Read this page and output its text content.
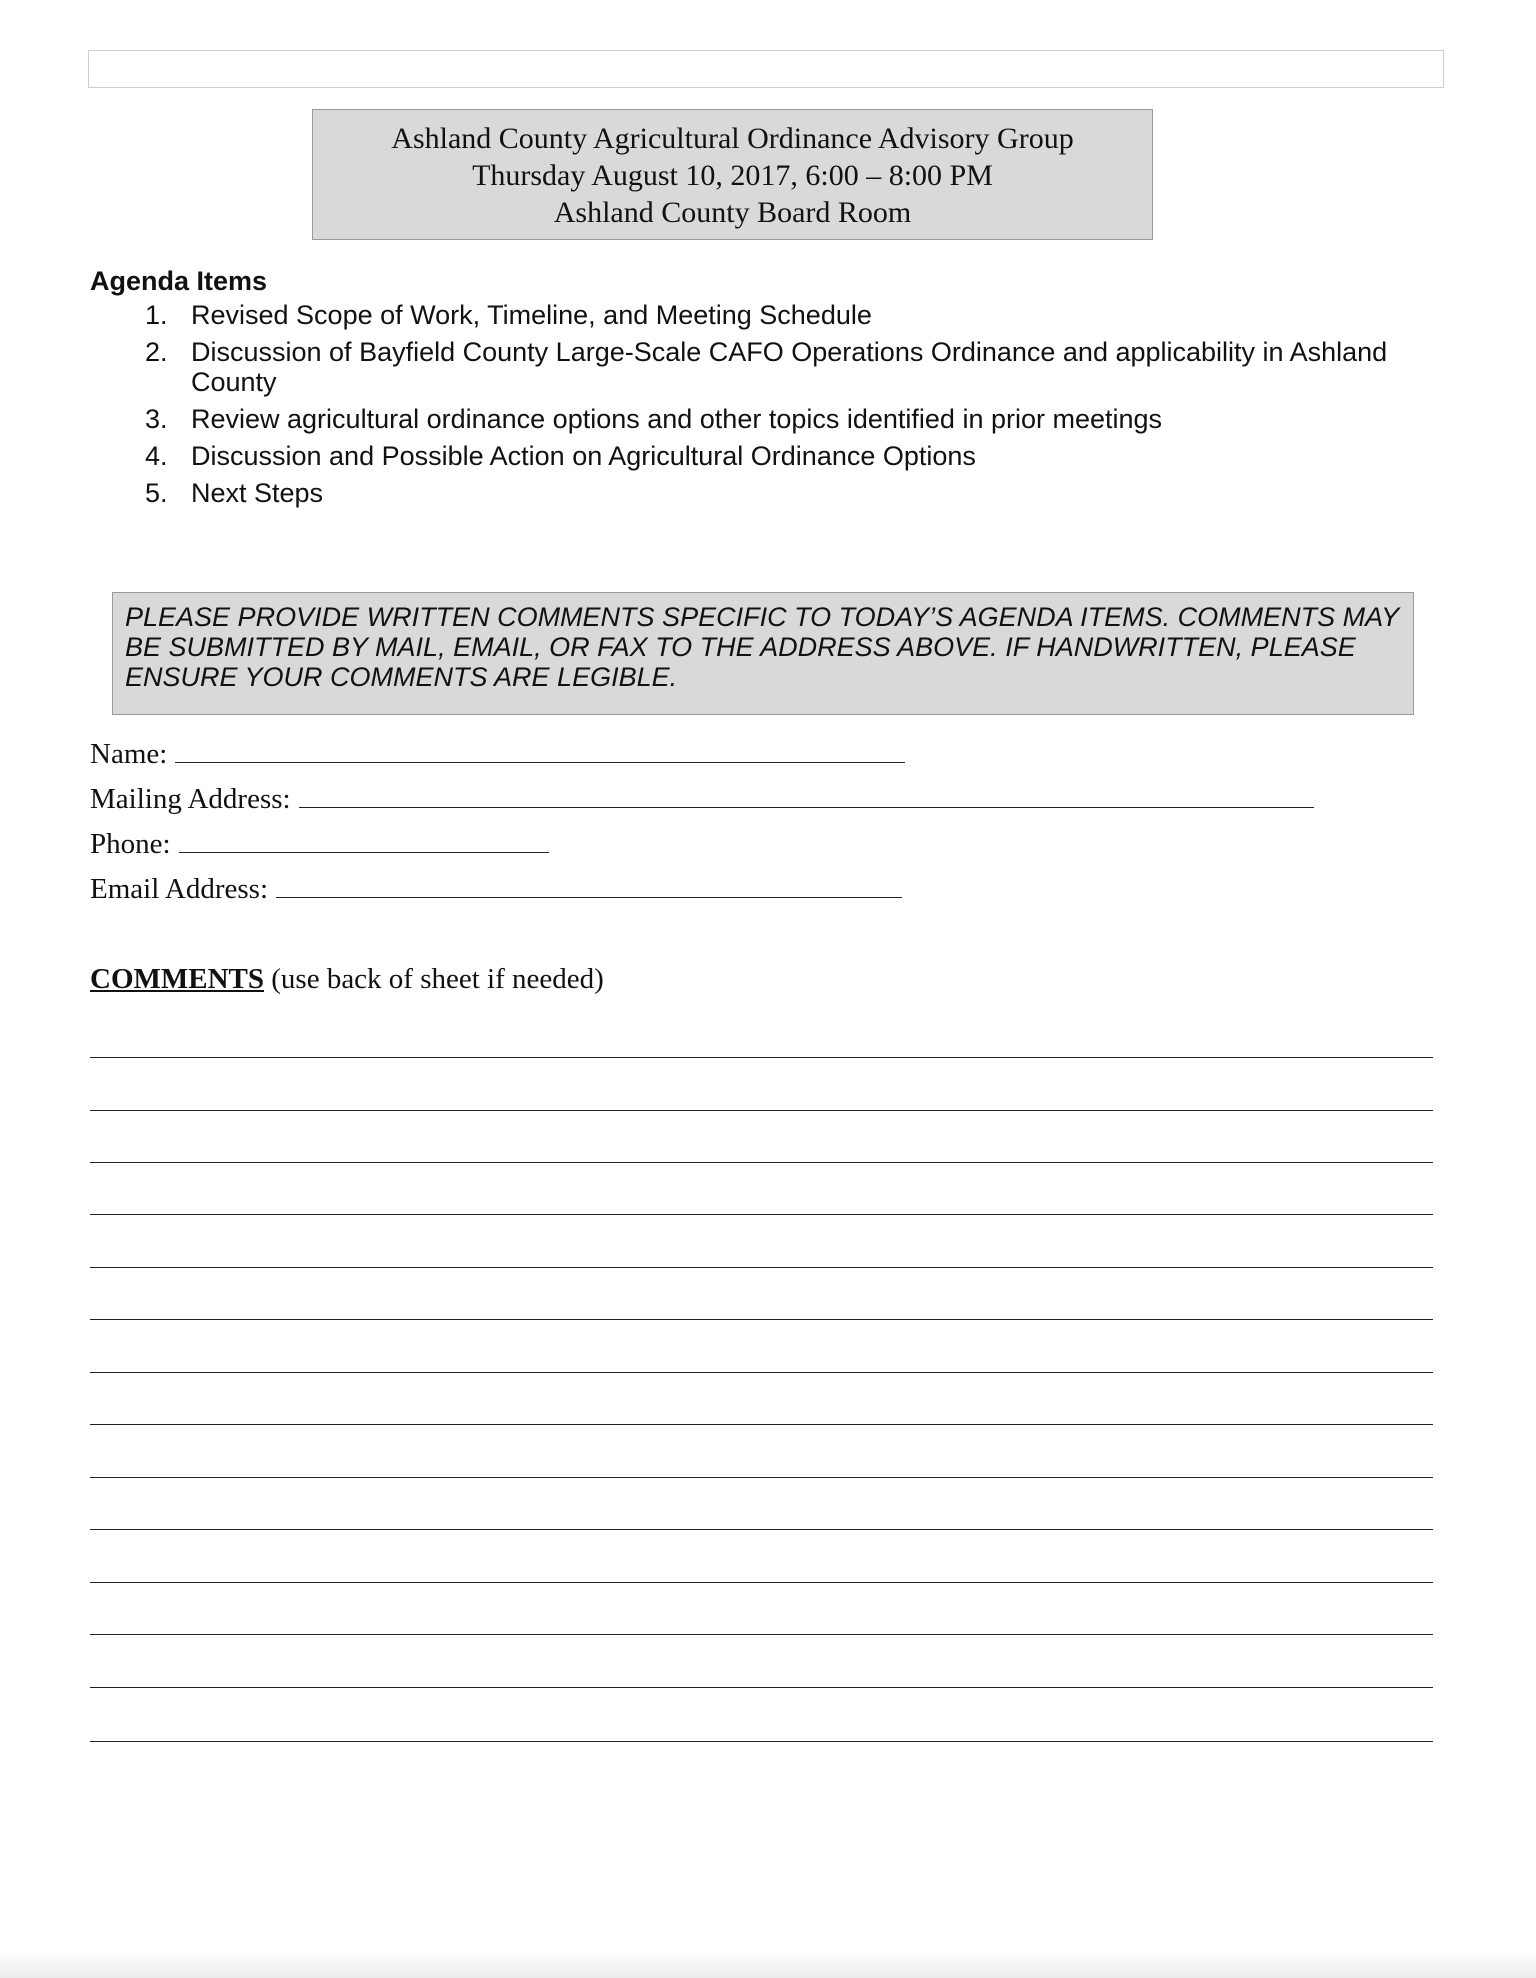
Ashland County Agricultural Ordinance Advisory Group
Thursday August 10, 2017, 6:00 – 8:00 PM
Ashland County Board Room
Agenda Items
1. Revised Scope of Work, Timeline, and Meeting Schedule
2. Discussion of Bayfield County Large-Scale CAFO Operations Ordinance and applicability in Ashland County
3. Review agricultural ordinance options and other topics identified in prior meetings
4. Discussion and Possible Action on Agricultural Ordinance Options
5. Next Steps
PLEASE PROVIDE WRITTEN COMMENTS SPECIFIC TO TODAY’S AGENDA ITEMS. COMMENTS MAY BE SUBMITTED BY MAIL, EMAIL, OR FAX TO THE ADDRESS ABOVE. IF HANDWRITTEN, PLEASE ENSURE YOUR COMMENTS ARE LEGIBLE.
Name:
Mailing Address:
Phone:
Email Address:
COMMENTS (use back of sheet if needed)
